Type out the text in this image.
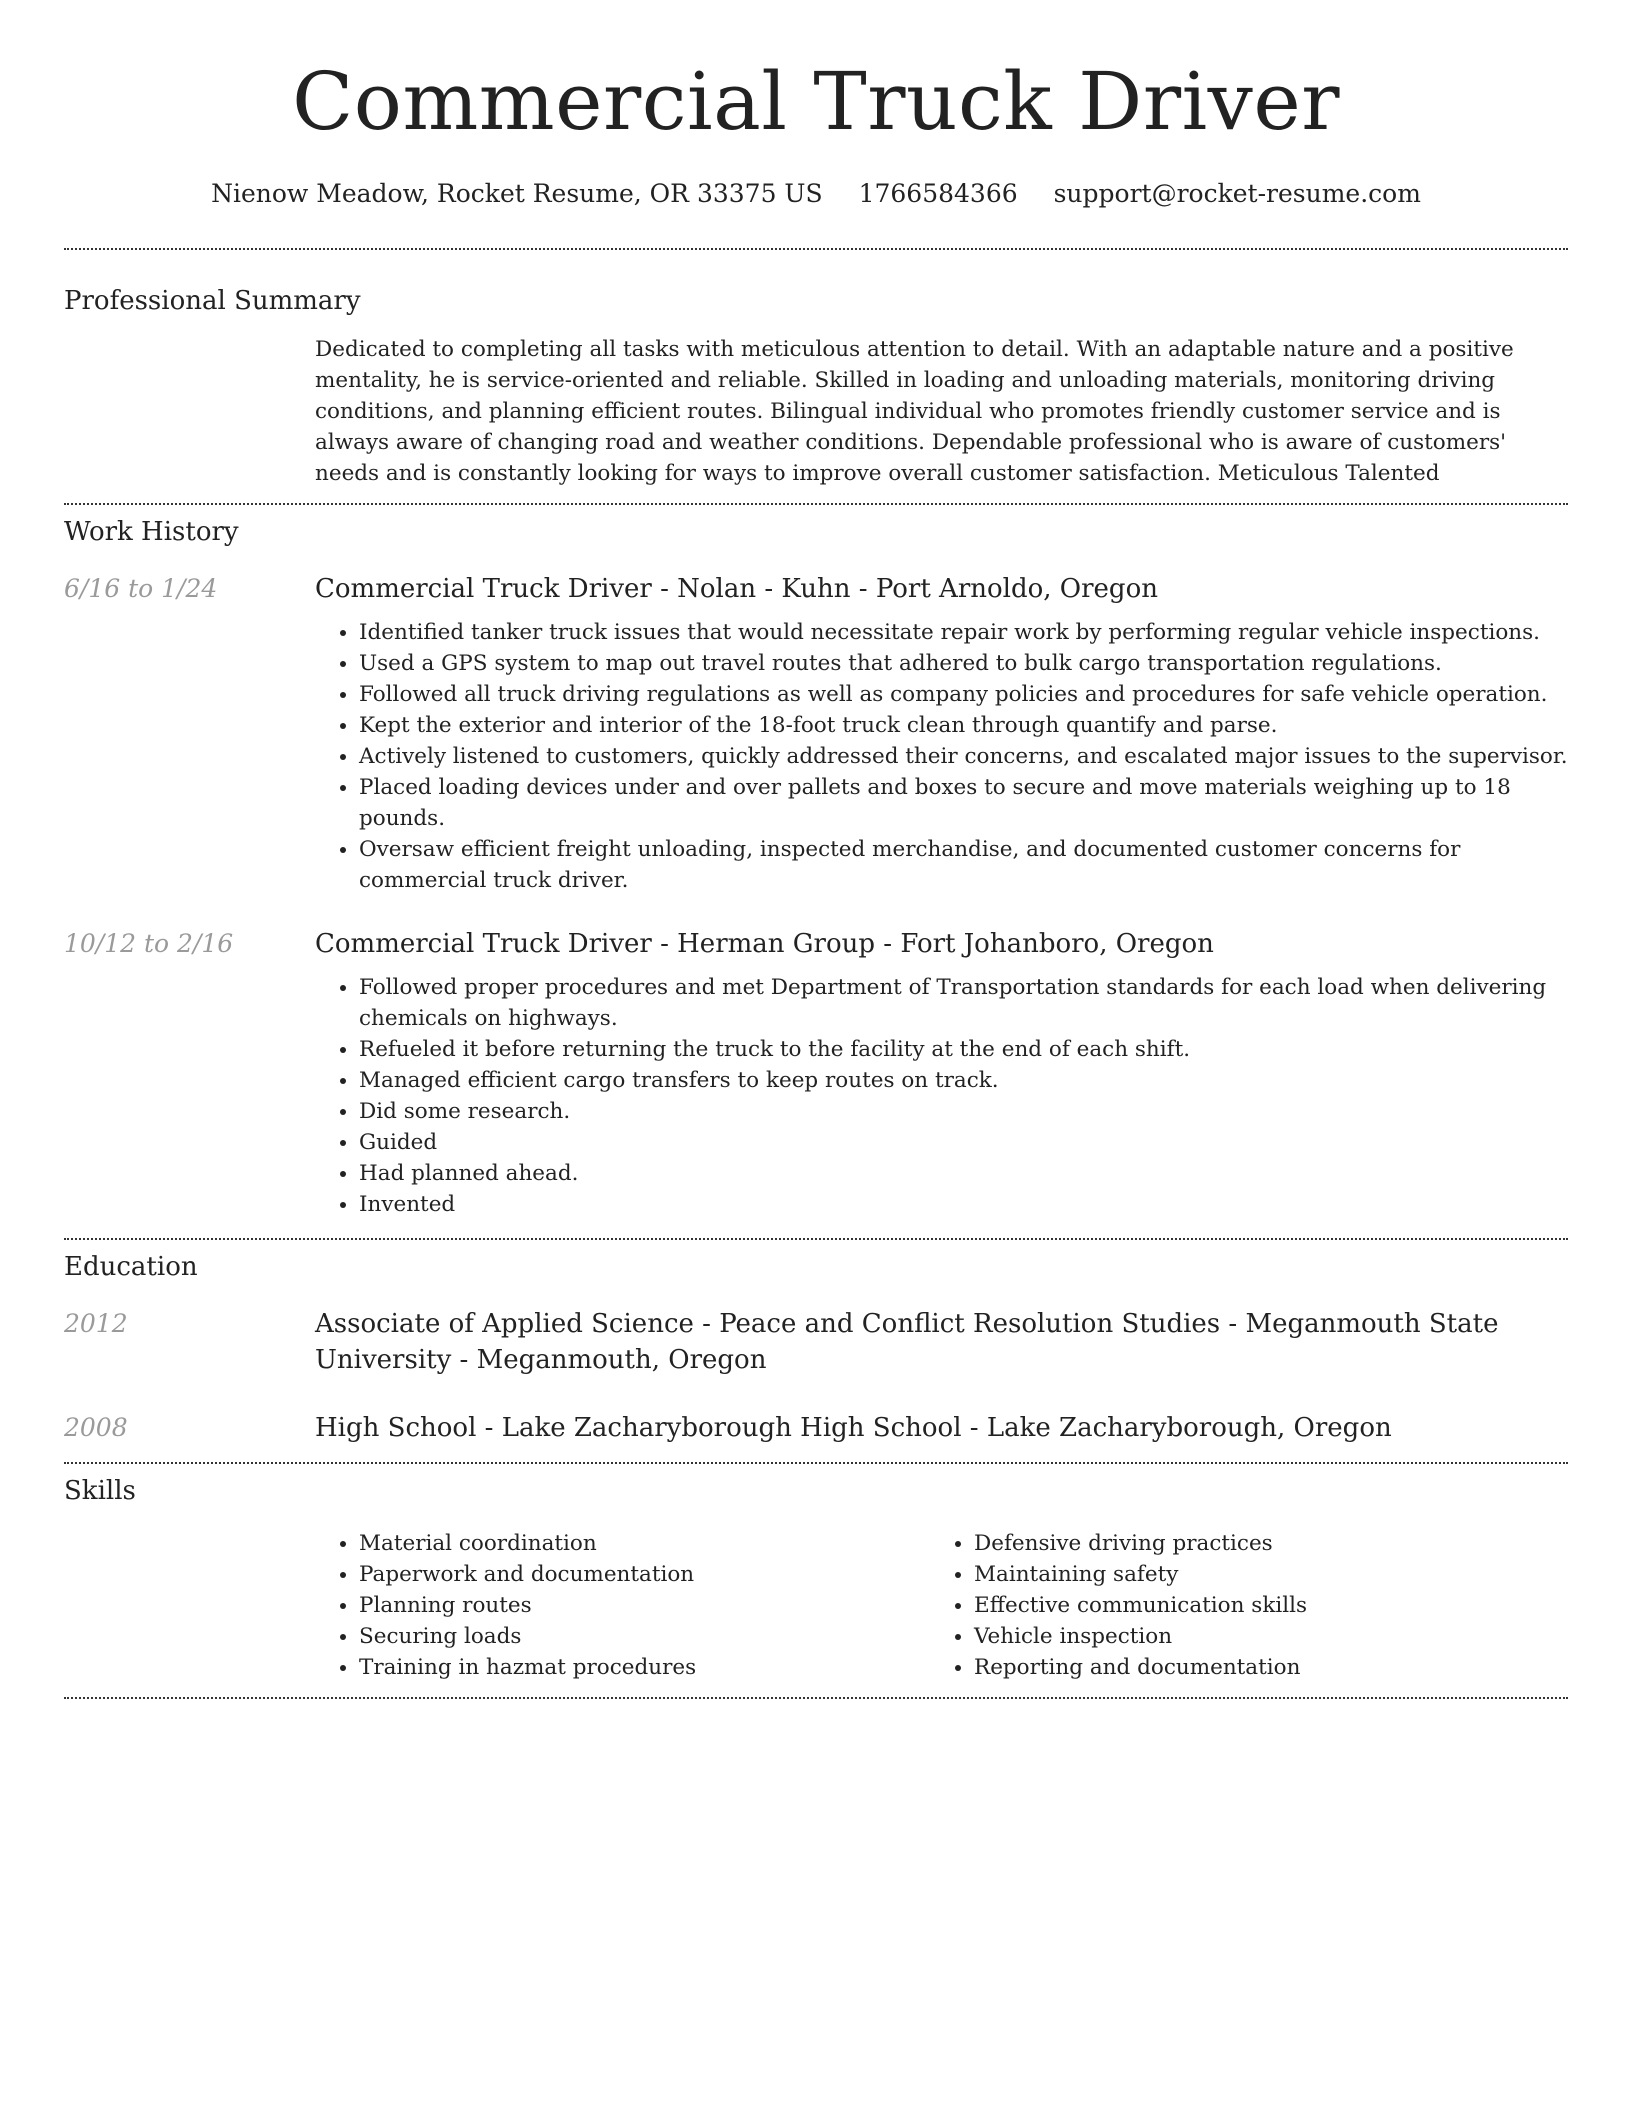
Commercial Truck Driver
Nienow Meadow, Rocket Resume, OR 33375 US 1766584366 support@rocket-resume.com
Professional Summary
Dedicated to completing all tasks with meticulous attention to detail. With an adaptable nature and a positive mentality, he is service-oriented and reliable. Skilled in loading and unloading materials, monitoring driving conditions, and planning efficient routes. Bilingual individual who promotes friendly customer service and is always aware of changing road and weather conditions. Dependable professional who is aware of customers' needs and is constantly looking for ways to improve overall customer satisfaction. Meticulous Talented
Work History
6/16 to 1/24	Commercial Truck Driver - Nolan - Kuhn - Port Arnoldo, Oregon
• Identified tanker truck issues that would necessitate repair work by performing regular vehicle inspections.
• Used a GPS system to map out travel routes that adhered to bulk cargo transportation regulations.
• Followed all truck driving regulations as well as company policies and procedures for safe vehicle operation.
• Kept the exterior and interior of the 18-foot truck clean through quantify and parse.
• Actively listened to customers, quickly addressed their concerns, and escalated major issues to the supervisor.
• Placed loading devices under and over pallets and boxes to secure and move materials weighing up to 18 pounds.
• Oversaw efficient freight unloading, inspected merchandise, and documented customer concerns for commercial truck driver.
10/12 to 2/16	Commercial Truck Driver - Herman Group - Fort Johanboro, Oregon
• Followed proper procedures and met Department of Transportation standards for each load when delivering chemicals on highways.
• Refueled it before returning the truck to the facility at the end of each shift.
• Managed efficient cargo transfers to keep routes on track.
• Did some research.
• Guided
• Had planned ahead.
• Invented
Education
2012	Associate of Applied Science - Peace and Conflict Resolution Studies - Meganmouth State University - Meganmouth, Oregon
2008	High School - Lake Zacharyborough High School - Lake Zacharyborough, Oregon
Skills
• Material coordination
• Paperwork and documentation
• Planning routes
• Securing loads
• Training in hazmat procedures
• Defensive driving practices
• Maintaining safety
• Effective communication skills
• Vehicle inspection
• Reporting and documentation
